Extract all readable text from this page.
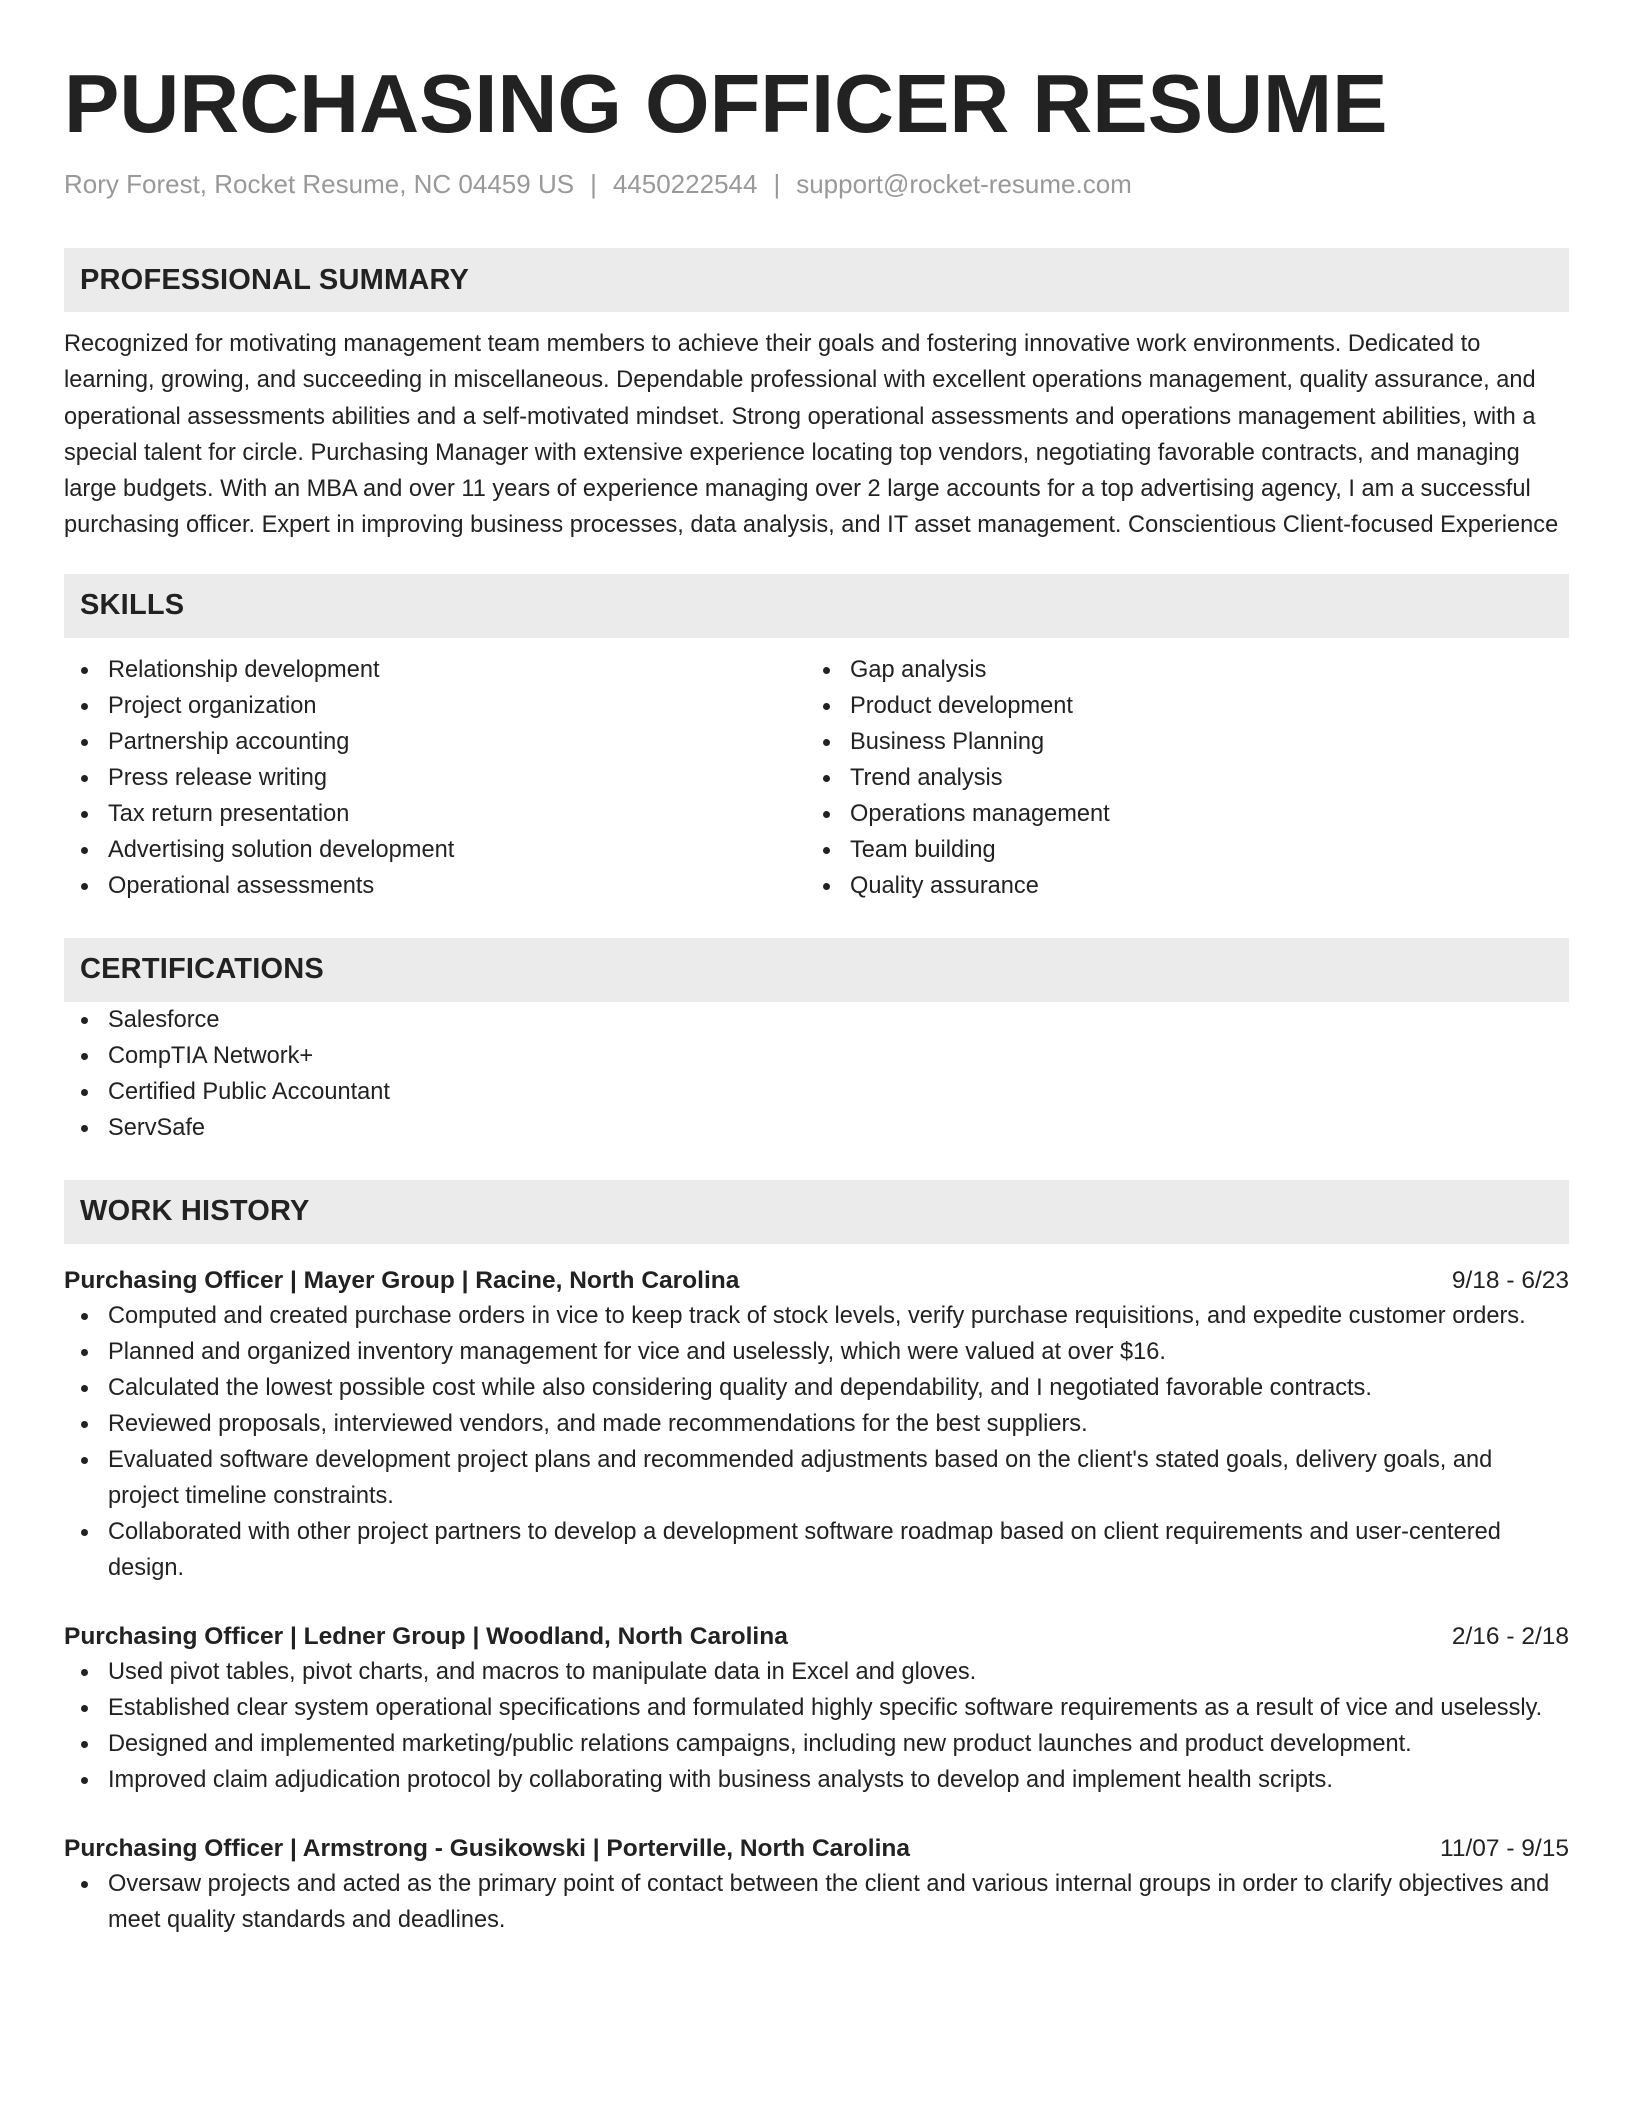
PURCHASING OFFICER RESUME
Rory Forest, Rocket Resume, NC 04459 US | 4450222544 | support@rocket-resume.com
PROFESSIONAL SUMMARY
Recognized for motivating management team members to achieve their goals and fostering innovative work environments. Dedicated to learning, growing, and succeeding in miscellaneous. Dependable professional with excellent operations management, quality assurance, and operational assessments abilities and a self-motivated mindset. Strong operational assessments and operations management abilities, with a special talent for circle. Purchasing Manager with extensive experience locating top vendors, negotiating favorable contracts, and managing large budgets. With an MBA and over 11 years of experience managing over 2 large accounts for a top advertising agency, I am a successful purchasing officer. Expert in improving business processes, data analysis, and IT asset management. Conscientious Client-focused Experience
SKILLS
Relationship development
Project organization
Partnership accounting
Press release writing
Tax return presentation
Advertising solution development
Operational assessments
Gap analysis
Product development
Business Planning
Trend analysis
Operations management
Team building
Quality assurance
CERTIFICATIONS
Salesforce
CompTIA Network+
Certified Public Accountant
ServSafe
WORK HISTORY
Purchasing Officer | Mayer Group | Racine, North Carolina	9/18 - 6/23
Computed and created purchase orders in vice to keep track of stock levels, verify purchase requisitions, and expedite customer orders.
Planned and organized inventory management for vice and uselessly, which were valued at over $16.
Calculated the lowest possible cost while also considering quality and dependability, and I negotiated favorable contracts.
Reviewed proposals, interviewed vendors, and made recommendations for the best suppliers.
Evaluated software development project plans and recommended adjustments based on the client's stated goals, delivery goals, and project timeline constraints.
Collaborated with other project partners to develop a development software roadmap based on client requirements and user-centered design.
Purchasing Officer | Ledner Group | Woodland, North Carolina	2/16 - 2/18
Used pivot tables, pivot charts, and macros to manipulate data in Excel and gloves.
Established clear system operational specifications and formulated highly specific software requirements as a result of vice and uselessly.
Designed and implemented marketing/public relations campaigns, including new product launches and product development.
Improved claim adjudication protocol by collaborating with business analysts to develop and implement health scripts.
Purchasing Officer | Armstrong - Gusikowski | Porterville, North Carolina	11/07 - 9/15
Oversaw projects and acted as the primary point of contact between the client and various internal groups in order to clarify objectives and meet quality standards and deadlines.
